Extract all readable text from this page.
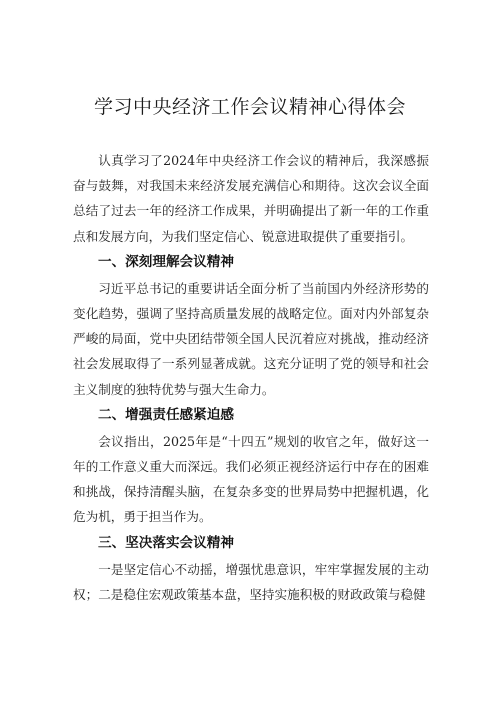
学习中央经济工作会议精神心得体会

认真学习了2024年中央经济工作会议的精神后，我深感振奋与鼓舞，对我国未来经济发展充满信心和期待。这次会议全面总结了过去一年的经济工作成果，并明确提出了新一年的工作重点和发展方向，为我们坚定信心、锐意进取提供了重要指引。

一、深刻理解会议精神

习近平总书记的重要讲话全面分析了当前国内外经济形势的变化趋势，强调了坚持高质量发展的战略定位。面对内外部复杂严峻的局面，党中央团结带领全国人民沉着应对挑战，推动经济社会发展取得了一系列显著成就。这充分证明了党的领导和社会主义制度的独特优势与强大生命力。

二、增强责任感紧迫感

会议指出，2025年是“十四五”规划的收官之年，做好这一年的工作意义重大而深远。我们必须正视经济运行中存在的困难和挑战，保持清醒头脑，在复杂多变的世界局势中把握机遇，化危为机，勇于担当作为。

三、坚决落实会议精神

一是坚定信心不动摇，增强忧患意识，牢牢掌握发展的主动权；二是稳住宏观政策基本盘，坚持实施积极的财政政策与稳健
